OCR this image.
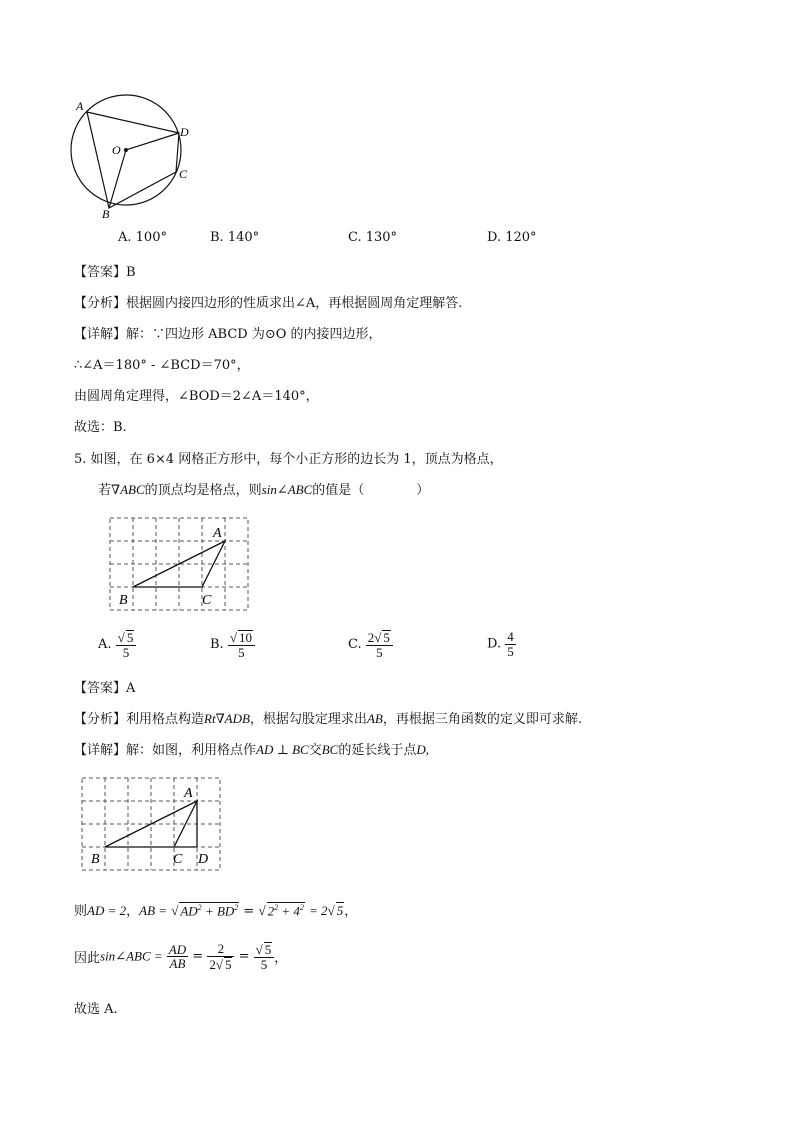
A
D
O
C
B
A. 100°	B. 140°	C. 130°	D. 120°
【答案】B
【分析】根据圆内接四边形的性质求出∠A，再根据圆周角定理解答.
【详解】解：∵四边形 ABCD 为⊙O 的内接四边形，
∴∠A＝180° - ∠BCD＝70°，
由圆周角定理得，∠BOD＝2∠A＝140°，
故选：B.
5. 如图，在 6×4 网格正方形中，每个小正方形的边长为 1，顶点为格点，
若∇ABC的顶点均是格点，则sin∠ABC的值是（　　　　）
A
B	C
A. $\frac{√ 5}{5}$	B. $\frac{√ 10}{5}$	C. $\frac{2√ 5}{5}$	D. $\frac{4}{5}$
【答案】A
【分析】利用格点构造Rt∇ADB，根据勾股定理求出AB，再根据三角函数的定义即可求解.
【详解】解：如图，利用格点作AD ⊥ BC交BC的延长线于点D,
A
B	C D
则AD = 2，AB = √ $AD^2 + BD^2$ = √ $2^2 + 4^2 = 2√$ 5，
因此sin∠ABC = $\frac{AD}{AB} = \frac{2}{2√ 5} = \frac{√ 5}{5}$ ，
故选 A.
